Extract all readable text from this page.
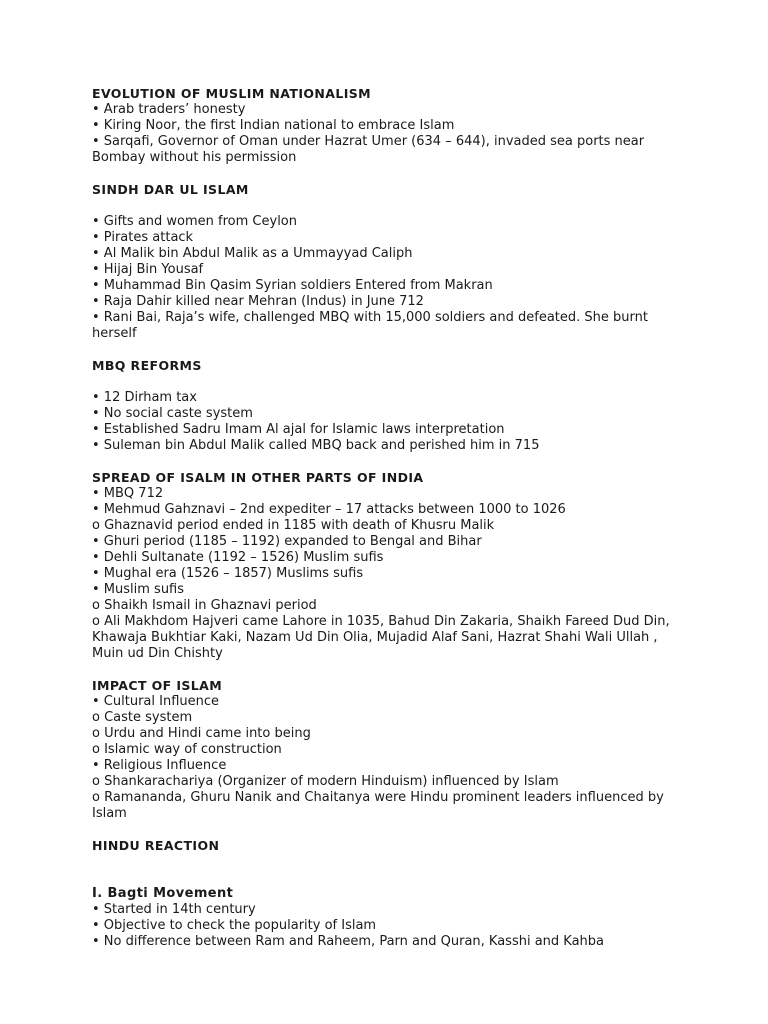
EVOLUTION OF MUSLIM NATIONALISM
• Arab traders’ honesty
• Kiring Noor, the first Indian national to embrace Islam
• Sarqafi, Governor of Oman under Hazrat Umer (634 – 644), invaded sea ports near Bombay without his permission
SINDH DAR UL ISLAM
• Gifts and women from Ceylon
• Pirates attack
• Al Malik bin Abdul Malik as a Ummayyad Caliph
• Hijaj Bin Yousaf
• Muhammad Bin Qasim Syrian soldiers Entered from Makran
• Raja Dahir killed near Mehran (Indus) in June 712
• Rani Bai, Raja’s wife, challenged MBQ with 15,000 soldiers and defeated. She burnt herself
MBQ REFORMS
• 12 Dirham tax
• No social caste system
• Established Sadru Imam Al ajal for Islamic laws interpretation
• Suleman bin Abdul Malik called MBQ back and perished him in 715
SPREAD OF ISALM IN OTHER PARTS OF INDIA
• MBQ 712
• Mehmud Gahznavi – 2nd expediter – 17 attacks between 1000 to 1026
o Ghaznavid period ended in 1185 with death of Khusru Malik
• Ghuri period (1185 – 1192) expanded to Bengal and Bihar
• Dehli Sultanate (1192 – 1526) Muslim sufis
• Mughal era (1526 – 1857) Muslims sufis
• Muslim sufis
o Shaikh Ismail in Ghaznavi period
o Ali Makhdom Hajveri came Lahore in 1035, Bahud Din Zakaria, Shaikh Fareed Dud Din, Khawaja Bukhtiar Kaki, Nazam Ud Din Olia, Mujadid Alaf Sani, Hazrat Shahi Wali Ullah , Muin ud Din Chishty
IMPACT OF ISLAM
• Cultural Influence
o Caste system
o Urdu and Hindi came into being
o Islamic way of construction
• Religious Influence
o Shankarachariya (Organizer of modern Hinduism) influenced by Islam
o Ramananda, Ghuru Nanik and Chaitanya were Hindu prominent leaders influenced by Islam
HINDU REACTION
I. Bagti Movement
• Started in 14th century
• Objective to check the popularity of Islam
• No difference between Ram and Raheem, Parn and Quran, Kasshi and Kahba
